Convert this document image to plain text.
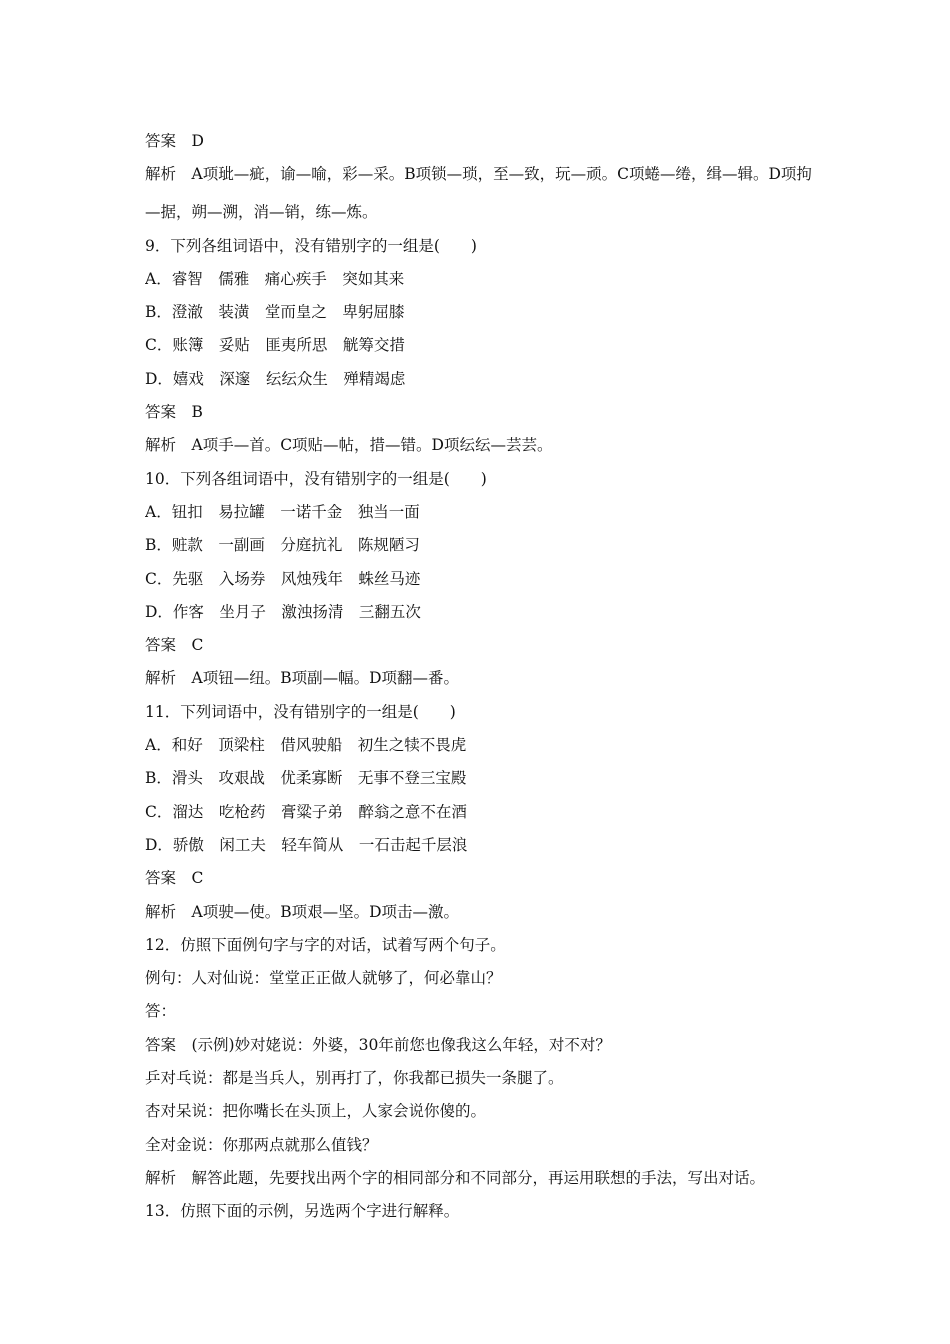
答案　D
解析　A项玼—疵，谕—喻，彩—采。B项锁—琐，至—致，玩—顽。C项蜷—绻，缉—辑。D项拘
—据，朔—溯，消—销，练—炼。
9．下列各组词语中，没有错别字的一组是(　　)
A．睿智　儒雅　痛心疾手　突如其来
B．澄澈　装潢　堂而皇之　卑躬屈膝
C．账簿　妥贴　匪夷所思　觥筹交措
D．嬉戏　深邃　纭纭众生　殚精竭虑
答案　B
解析　A项手—首。C项贴—帖，措—错。D项纭纭—芸芸。
10．下列各组词语中，没有错别字的一组是(　　)
A．钮扣　易拉罐　一诺千金　独当一面
B．赃款　一副画　分庭抗礼　陈规陋习
C．先驱　入场券　风烛残年　蛛丝马迹
D．作客　坐月子　激浊扬清　三翻五次
答案　C
解析　A项钮—纽。B项副—幅。D项翻—番。
11．下列词语中，没有错别字的一组是(　　)
A．和好　顶梁柱　借风驶船　初生之犊不畏虎
B．滑头　攻艰战　优柔寡断　无事不登三宝殿
C．溜达　吃枪药　膏粱子弟　醉翁之意不在酒
D．骄傲　闲工夫　轻车简从　一石击起千层浪
答案　C
解析　A项驶—使。B项艰—坚。D项击—激。
12．仿照下面例句字与字的对话，试着写两个句子。
例句：人对仙说：堂堂正正做人就够了，何必靠山？
答：
答案　(示例)妙对姥说：外婆，30年前您也像我这么年轻，对不对？
乒对乓说：都是当兵人，别再打了，你我都已损失一条腿了。
杏对呆说：把你嘴长在头顶上，人家会说你傻的。
全对金说：你那两点就那么值钱？
解析　解答此题，先要找出两个字的相同部分和不同部分，再运用联想的手法，写出对话。
13．仿照下面的示例，另选两个字进行解释。
